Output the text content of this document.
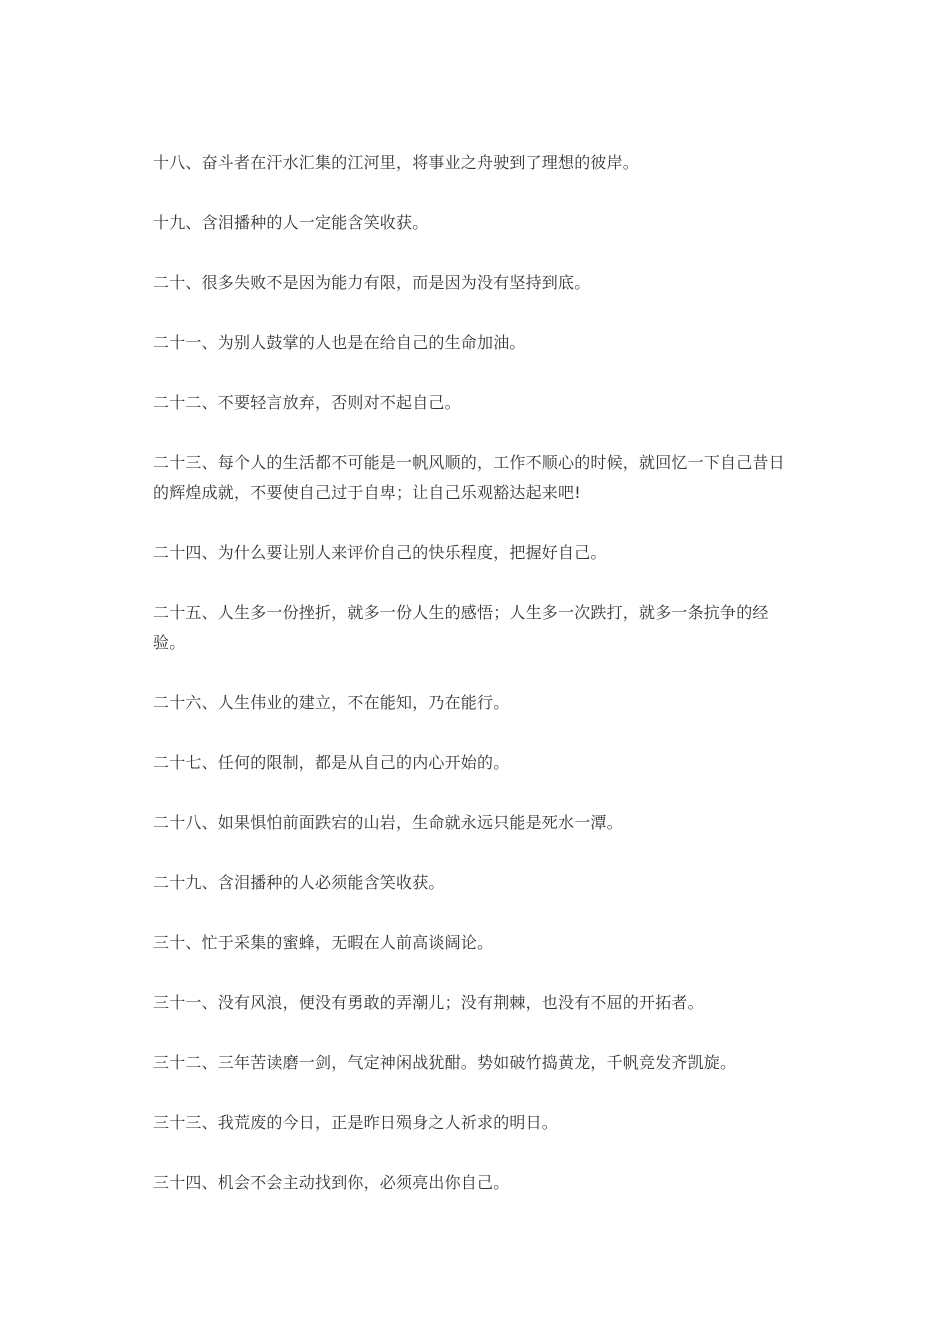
十八、奋斗者在汗水汇集的江河里，将事业之舟驶到了理想的彼岸。

十九、含泪播种的人一定能含笑收获。

二十、很多失败不是因为能力有限，而是因为没有坚持到底。

二十一、为别人鼓掌的人也是在给自己的生命加油。

二十二、不要轻言放弃，否则对不起自己。

二十三、每个人的生活都不可能是一帆风顺的，工作不顺心的时候，就回忆一下自己昔日的辉煌成就，不要使自己过于自卑；让自己乐观豁达起来吧!

二十四、为什么要让别人来评价自己的快乐程度，把握好自己。

二十五、人生多一份挫折，就多一份人生的感悟；人生多一次跌打，就多一条抗争的经验。

二十六、人生伟业的建立，不在能知，乃在能行。

二十七、任何的限制，都是从自己的内心开始的。

二十八、如果惧怕前面跌宕的山岩，生命就永远只能是死水一潭。

二十九、含泪播种的人必须能含笑收获。

三十、忙于采集的蜜蜂，无暇在人前高谈阔论。

三十一、没有风浪，便没有勇敢的弄潮儿；没有荆棘，也没有不屈的开拓者。

三十二、三年苦读磨一剑，气定神闲战犹酣。势如破竹捣黄龙，千帆竞发齐凯旋。

三十三、我荒废的今日，正是昨日殒身之人祈求的明日。

三十四、机会不会主动找到你，必须亮出你自己。
